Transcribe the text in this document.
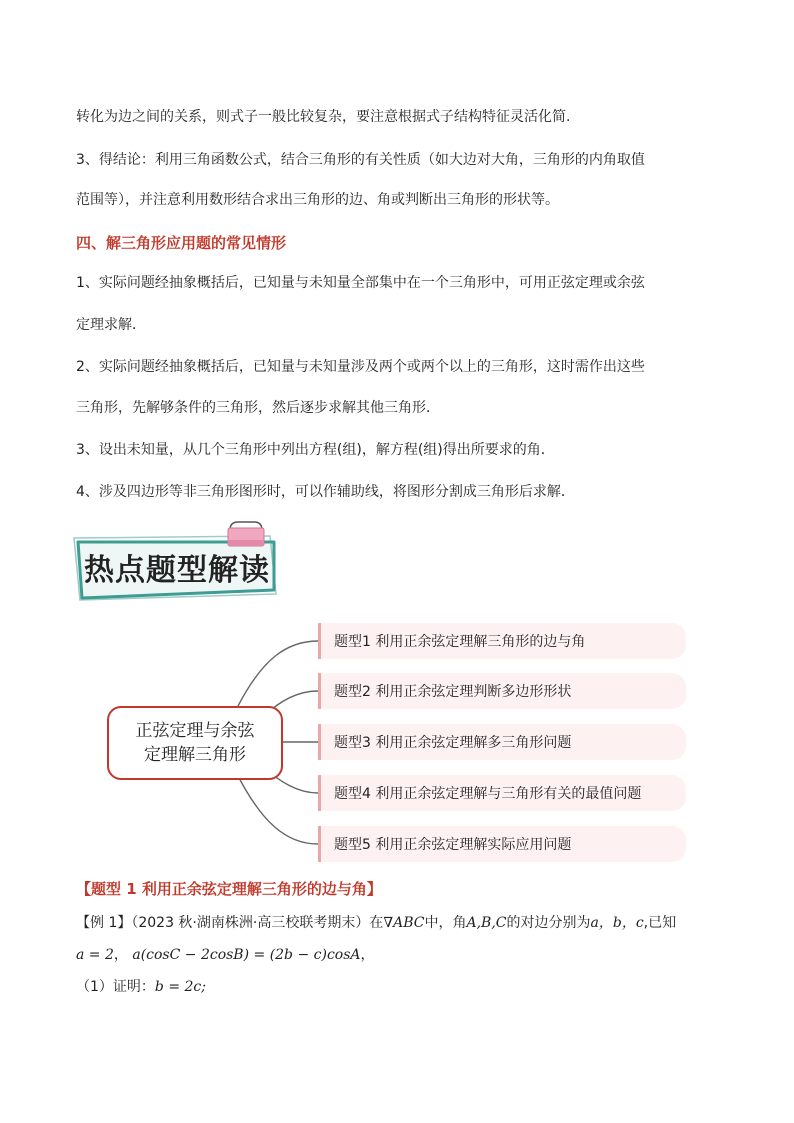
转化为边之间的关系，则式子一般比较复杂，要注意根据式子结构特征灵活化简.
3、得结论：利用三角函数公式，结合三角形的有关性质（如大边对大角，三角形的内角取值
范围等），并注意利用数形结合求出三角形的边、角或判断出三角形的形状等。
四、解三角形应用题的常见情形
1、实际问题经抽象概括后，已知量与未知量全部集中在一个三角形中，可用正弦定理或余弦
定理求解．
2、实际问题经抽象概括后，已知量与未知量涉及两个或两个以上的三角形，这时需作出这些
三角形，先解够条件的三角形，然后逐步求解其他三角形．
3、设出未知量，从几个三角形中列出方程(组)，解方程(组)得出所要求的角．
4、涉及四边形等非三角形图形时，可以作辅助线，将图形分割成三角形后求解．
热点题型解读
正弦定理与余弦
定理解三角形
题型1 利用正余弦定理解三角形的边与角
题型2 利用正余弦定理判断多边形形状
题型3 利用正余弦定理解多三角形问题
题型4 利用正余弦定理解与三角形有关的最值问题
题型5 利用正余弦定理解实际应用问题
【题型 1 利用正余弦定理解三角形的边与角】
【例 1】（2023 秋·湖南株洲·高三校联考期末）在∇ABC中，角A,B,C的对边分别为a，b，c,已知
a = 2， a(cosC − 2cosB) = (2b − c)cosA，
（1）证明：b = 2c;
